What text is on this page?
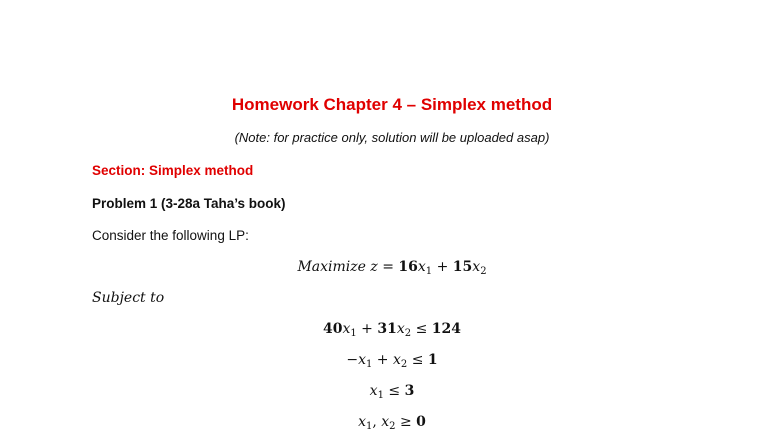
Homework Chapter 4 – Simplex method
(Note: for practice only, solution will be uploaded asap)
Section: Simplex method
Problem 1 (3-28a Taha’s book)
Consider the following LP:
Maximize $z = 16x_1 + 15x_2$
Subject to
$40x_1 + 31x_2 \le 124$
$-x_1 + x_2 \le 1$
$x_1 \le 3$
$x_1$, $x_2 \ge 0$
